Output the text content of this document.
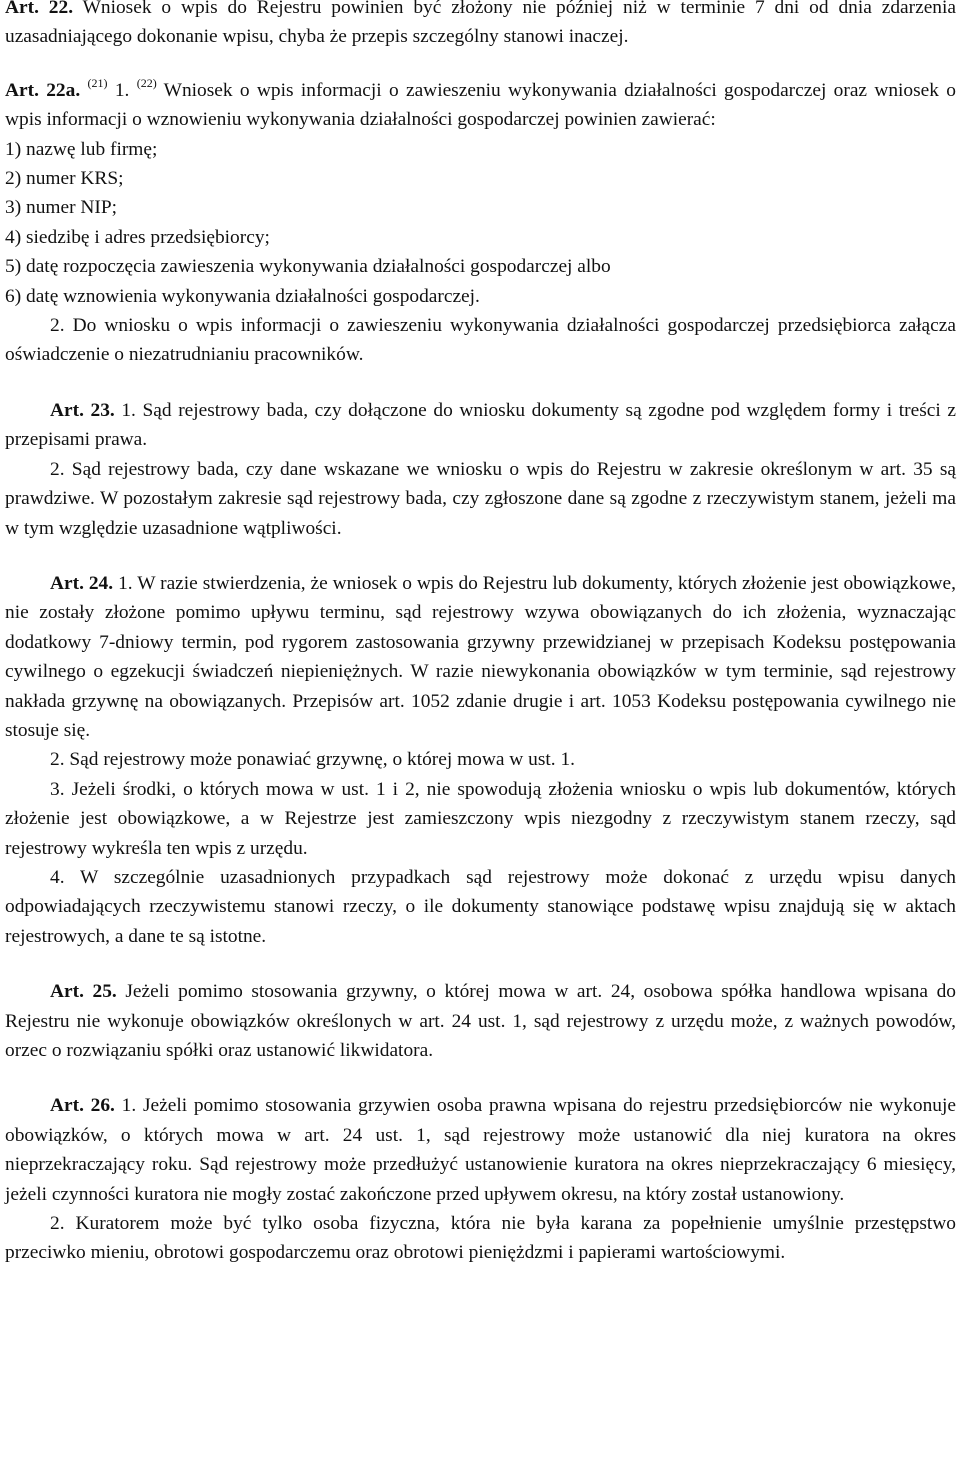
Art. 22. Wniosek o wpis do Rejestru powinien być złożony nie później niż w terminie 7 dni od dnia zdarzenia uzasadniającego dokonanie wpisu, chyba że przepis szczególny stanowi inaczej.

Art. 22a. $^{(21)}$ 1. $^{(22)}$ Wniosek o wpis informacji o zawieszeniu wykonywania działalności gospodarczej oraz wniosek o wpis informacji o wznowieniu wykonywania działalności gospodarczej powinien zawierać:

1) nazwę lub firmę;

2) numer KRS;

3) numer NIP;

4) siedzibę i adres przedsiębiorcy;

5) datę rozpoczęcia zawieszenia wykonywania działalności gospodarczej albo

6) datę wznowienia wykonywania działalności gospodarczej.

2. Do wniosku o wpis informacji o zawieszeniu wykonywania działalności gospodarczej przedsiębiorca załącza oświadczenie o niezatrudnianiu pracowników.

Art. 23. 1. Sąd rejestrowy bada, czy dołączone do wniosku dokumenty są zgodne pod względem formy i treści z przepisami prawa.

2. Sąd rejestrowy bada, czy dane wskazane we wniosku o wpis do Rejestru w zakresie określonym w art. 35 są prawdziwe. W pozostałym zakresie sąd rejestrowy bada, czy zgłoszone dane są zgodne z rzeczywistym stanem, jeżeli ma w tym względzie uzasadnione wątpliwości.

Art. 24. 1. W razie stwierdzenia, że wniosek o wpis do Rejestru lub dokumenty, których złożenie jest obowiązkowe, nie zostały złożone pomimo upływu terminu, sąd rejestrowy wzywa obowiązanych do ich złożenia, wyznaczając dodatkowy 7-dniowy termin, pod rygorem zastosowania grzywny przewidzianej w przepisach Kodeksu postępowania cywilnego o egzekucji świadczeń niepieniężnych. W razie niewykonania obowiązków w tym terminie, sąd rejestrowy nakłada grzywnę na obowiązanych. Przepisów art. 1052 zdanie drugie i art. 1053 Kodeksu postępowania cywilnego nie stosuje się.

2. Sąd rejestrowy może ponawiać grzywnę, o której mowa w ust. 1.

3. Jeżeli środki, o których mowa w ust. 1 i 2, nie spowodują złożenia wniosku o wpis lub dokumentów, których złożenie jest obowiązkowe, a w Rejestrze jest zamieszczony wpis niezgodny z rzeczywistym stanem rzeczy, sąd rejestrowy wykreśla ten wpis z urzędu.

4. W szczególnie uzasadnionych przypadkach sąd rejestrowy może dokonać z urzędu wpisu danych odpowiadających rzeczywistemu stanowi rzeczy, o ile dokumenty stanowiące podstawę wpisu znajdują się w aktach rejestrowych, a dane te są istotne.

Art. 25. Jeżeli pomimo stosowania grzywny, o której mowa w art. 24, osobowa spółka handlowa wpisana do Rejestru nie wykonuje obowiązków określonych w art. 24 ust. 1, sąd rejestrowy z urzędu może, z ważnych powodów, orzec o rozwiązaniu spółki oraz ustanowić likwidatora.

Art. 26. 1. Jeżeli pomimo stosowania grzywien osoba prawna wpisana do rejestru przedsiębiorców nie wykonuje obowiązków, o których mowa w art. 24 ust. 1, sąd rejestrowy może ustanowić dla niej kuratora na okres nieprzekraczający roku. Sąd rejestrowy może przedłużyć ustanowienie kuratora na okres nieprzekraczający 6 miesięcy, jeżeli czynności kuratora nie mogły zostać zakończone przed upływem okresu, na który został ustanowiony.

2. Kuratorem może być tylko osoba fizyczna, która nie była karana za popełnienie umyślnie przestępstwo przeciwko mieniu, obrotowi gospodarczemu oraz obrotowi pieniężdzmi i papierami wartościowymi.
